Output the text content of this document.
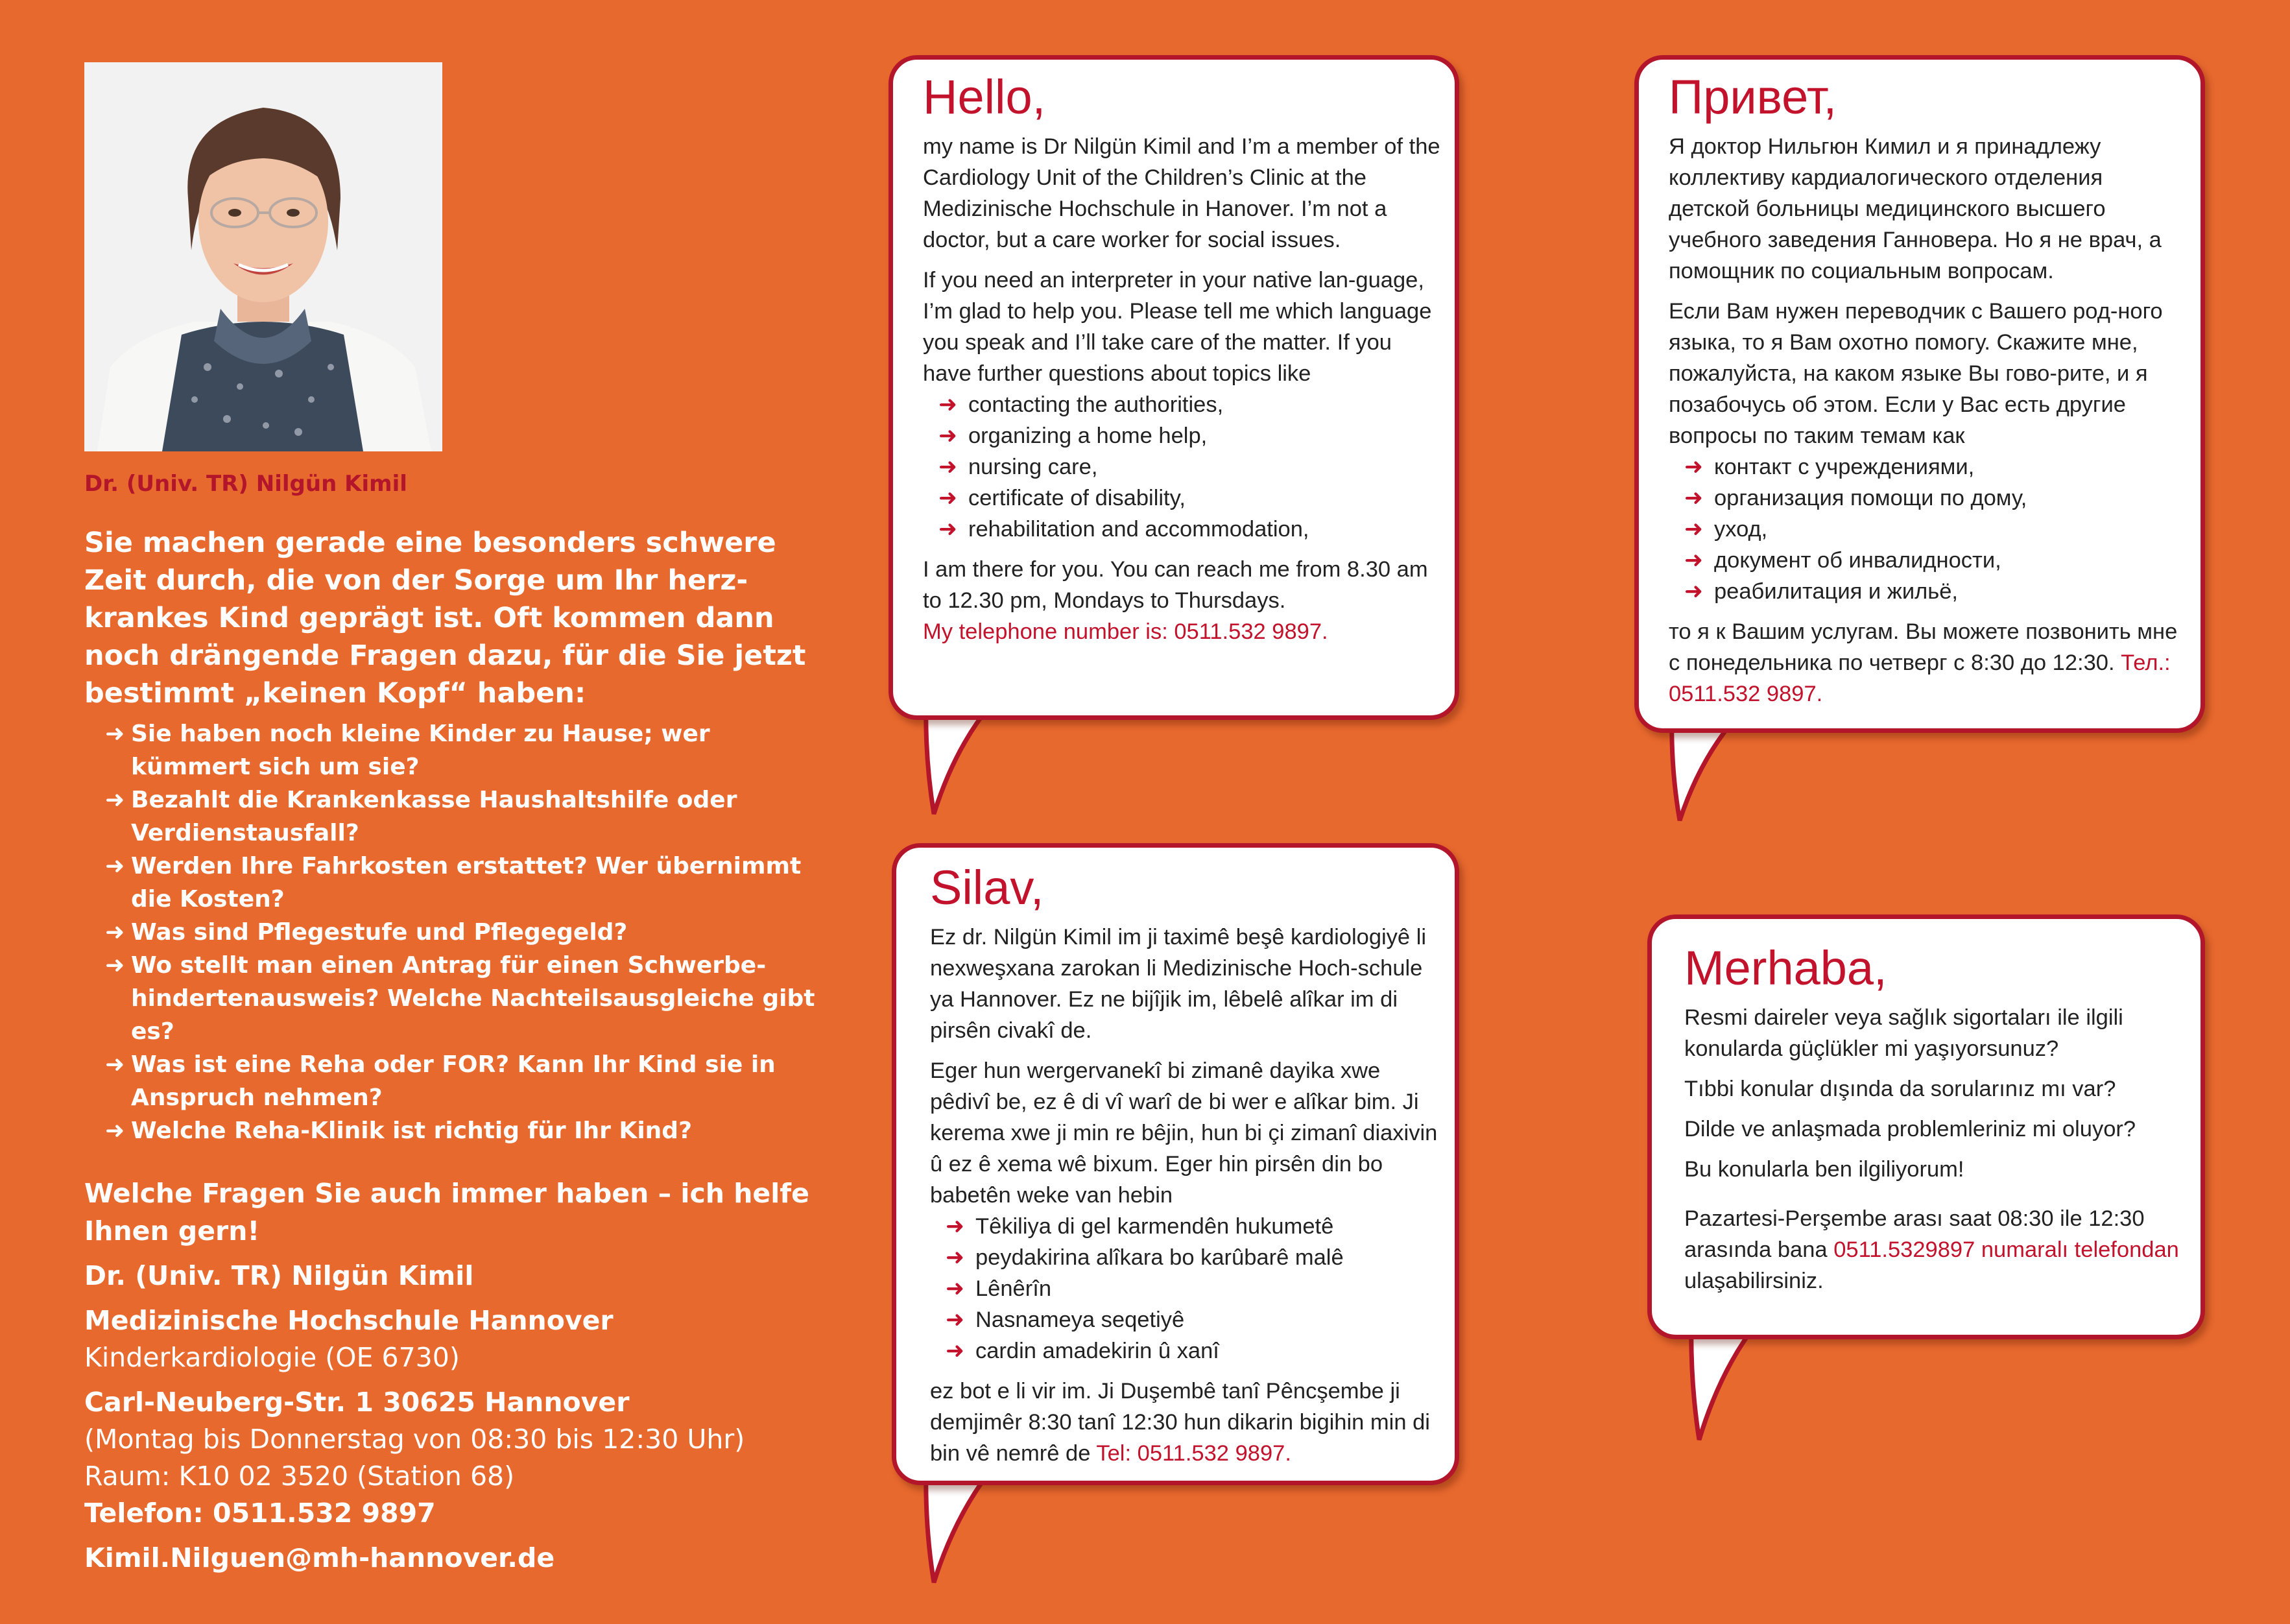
Dr. (Univ. TR) Nilgün Kimil
Sie machen gerade eine besonders schwere Zeit durch, die von der Sorge um Ihr herz-krankes Kind geprägt ist. Oft kommen dann noch drängende Fragen dazu, für die Sie jetzt bestimmt „keinen Kopf“ haben:
➜ Sie haben noch kleine Kinder zu Hause; wer kümmert sich um sie?
➜ Bezahlt die Krankenkasse Haushaltshilfe oder Verdienstausfall?
➜ Werden Ihre Fahrkosten erstattet? Wer übernimmt die Kosten?
➜ Was sind Pflegestufe und Pflegegeld?
➜ Wo stellt man einen Antrag für einen Schwerbe-hindertenausweis? Welche Nachteilsausgleiche gibt es?
➜ Was ist eine Reha oder FOR? Kann Ihr Kind sie in Anspruch nehmen?
➜ Welche Reha-Klinik ist richtig für Ihr Kind?
Welche Fragen Sie auch immer haben – ich helfe Ihnen gern!
Dr. (Univ. TR) Nilgün Kimil
Medizinische Hochschule Hannover
Kinderkardiologie (OE 6730)
Carl-Neuberg-Str. 1 30625 Hannover
(Montag bis Donnerstag von 08:30 bis 12:30 Uhr) Raum: K10 02 3520 (Station 68)
Telefon: 0511.532 9897
Kimil.Nilguen@mh-hannover.de
Hello,

my name is Dr Nilgün Kimil and I’m a member of the Cardiology Unit of the Children’s Clinic at the Medizinische Hochschule in Hanover. I’m not a doctor, but a care worker for social issues.

If you need an interpreter in your native lan-guage, I’m glad to help you. Please tell me which language you speak and I’ll take care of the matter. If you have further questions about topics like

➜ contacting the authorities,
➜ organizing a home help,
➜ nursing care,
➜ certificate of disability,
➜ rehabilitation and accommodation,

I am there for you. You can reach me from 8.30 am to 12.30 pm, Mondays to Thursdays.

My telephone number is: 0511.532 9897.

Привет,

Я доктор Нильгюн Кимил и я принадлежу коллективу кардиалогического отделения детской больницы медицинского высшего учебного заведения Ганновера. Но я не врач, а помощник по социальным вопросам.

Если Вам нужен переводчик с Вашего род-ного языка, то я Вам охотно помогу. Скажите мне, пожалуйста, на каком языке Вы гово-рите, и я позабочусь об этом. Если у Вас есть другие вопросы по таким темам как

➜ контакт с учреждениями,
➜ организация помощи по дому,
➜ уход,
➜ документ об инвалидности,
➜ реабилитация и жильё,

то я к Вашим услугам. Вы можете позвонить мне с понедельника по четверг с 8:30 до 12:30. Тел.: 0511.532 9897.

Silav,

Ez dr. Nilgün Kimil im ji taximê beşê kardiologiyê li nexweşxana zarokan li Medizinische Hoch-schule ya Hannover. Ez ne bijîjik im, lêbelê alîkar im di pirsên civakî de.

Eger hun wergervanekî bi zimanê dayika xwe pêdivî be, ez ê di vî warî de bi wer e alîkar bim. Ji kerema xwe ji min re bêjin, hun bi çi zimanî diaxivin û ez ê xema wê bixum. Eger hin pirsên din bo babetên weke van hebin

➜ Têkiliya di gel karmendên hukumetê
➜ peydakirina alîkara bo karûbarê malê
➜ Lênêrîn
➜ Nasnameya seqetiyê
➜ cardin amadekirin û xanî

ez bot e li vir im. Ji Duşembê tanî Pêncşembe ji demjimêr 8:30 tanî 12:30 hun dikarin bigihin min di bin vê nemrê de Tel: 0511.532 9897.

Merhaba,

Resmi daireler veya sağlık sigortaları ile ilgili konularda güçlükler mi yaşıyorsunuz?

Tıbbi konular dışında da sorularınız mı var?

Dilde ve anlaşmada problemleriniz mi oluyor?

Bu konularla ben ilgiliyorum!

Pazartesi-Perşembe arası saat 08:30 ile 12:30 arasında bana 0511.5329897 numaralı telefondan ulaşabilirsiniz.
